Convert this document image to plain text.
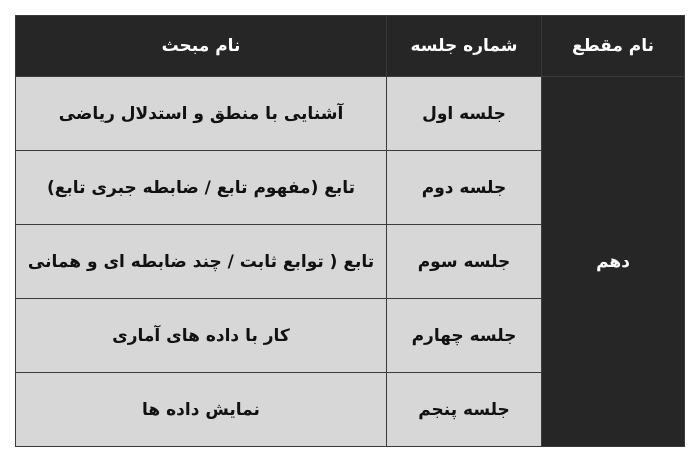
نام مقطع	شماره جلسه	نام مبحث
دهم	جلسه اول	آشنایی با منطق و استدلال ریاضی
	جلسه دوم	تابع (مفهوم تابع / ضابطه جبری تابع)
	جلسه سوم	تابع ( توابع ثابت / چند ضابطه ای و همانی
	جلسه چهارم	کار با داده های آماری
	جلسه پنجم	نمایش داده ها
